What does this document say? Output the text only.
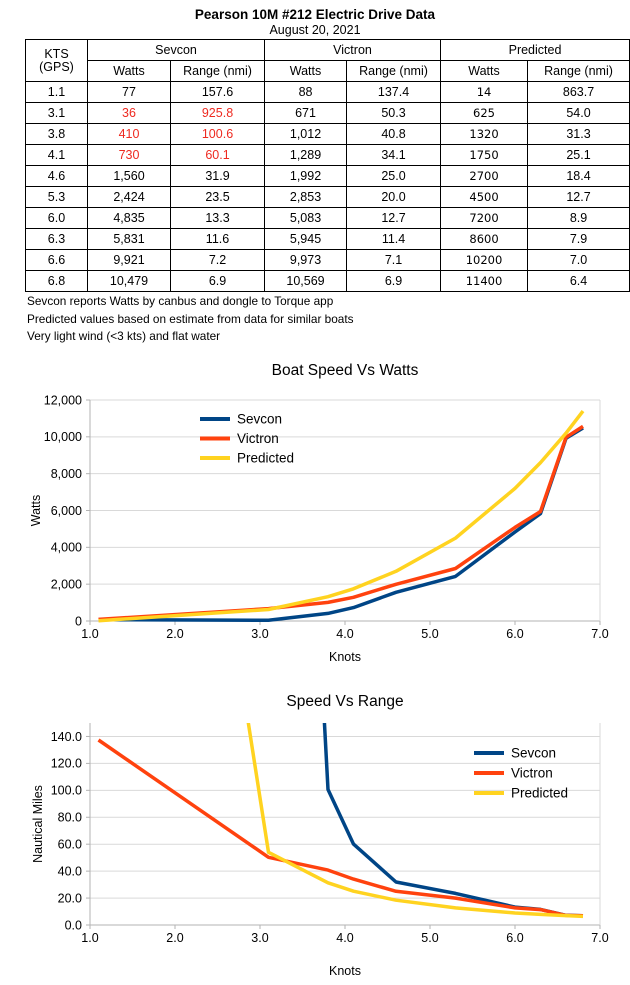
Pearson 10M #212 Electric Drive Data
August 20, 2021
KTS
(GPS)	Sevcon		Victron		Predicted	
	Watts	Range (nmi)	Watts	Range (nmi)	Watts	Range (nmi)
1.1	77	157.6	88	137.4	14	863.7
3.1	36	925.8	671	50.3	625	54.0
3.8	410	100.6	1,012	40.8	1320	31.3
4.1	730	60.1	1,289	34.1	1750	25.1
4.6	1,560	31.9	1,992	25.0	2700	18.4
5.3	2,424	23.5	2,853	20.0	4500	12.7
6.0	4,835	13.3	5,083	12.7	7200	8.9
6.3	5,831	11.6	5,945	11.4	8600	7.9
6.6	9,921	7.2	9,973	7.1	10200	7.0
6.8	10,479	6.9	10,569	6.9	11400	6.4
Sevcon reports Watts by canbus and dongle to Torque app
Predicted values based on estimate from data for similar boats
Very light wind (<3 kts) and flat water
0
2,000
4,000
6,000
8,000
10,000
12,000
1.0	2.0	3.0	4.0	5.0	6.0	7.0
Sevcon
Victron
Predicted
Boat Speed Vs Watts
Knots
Watts
0.0
20.0
40.0
60.0
80.0
100.0
120.0
140.0
1.0	2.0	3.0	4.0	5.0	6.0	7.0
Sevcon
Victron
Predicted
Speed Vs Range
Knots
Nautical Miles
